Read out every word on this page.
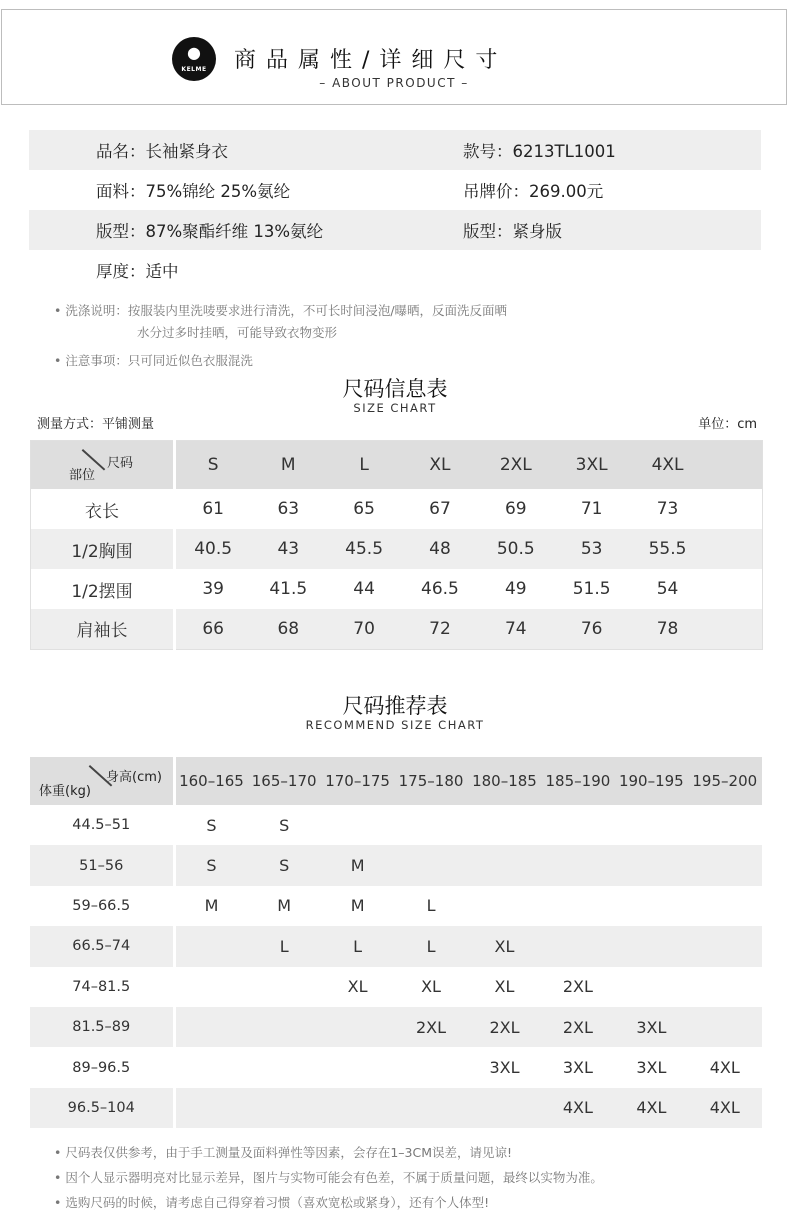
●
KELME	商品属性/详细尺寸
– ABOUT PRODUCT –
品名：长袖紧身衣	款号：6213TL1001
面料：75%锦纶 25%氨纶	吊牌价：269.00元
版型：87%聚酯纤维 13%氨纶	版型：紧身版
厚度：适中
• 洗涤说明：按服装内里洗唛要求进行清洗，不可长时间浸泡/曝晒，反面洗反面晒
水分过多时挂晒，可能导致衣物变形
• 注意事项：只可同近似色衣服混洗
尺码信息表
SIZE CHART
测量方式：平铺测量	单位：cm
尺码
部位	S	M	L	XL	2XL	3XL	4XL	
衣长	61	63	65	67	69	71	73	
1/2胸围	40.5	43	45.5	48	50.5	53	55.5	
1/2摆围	39	41.5	44	46.5	49	51.5	54	
肩袖长	66	68	70	72	74	76	78	
尺码推荐表
RECOMMEND SIZE CHART
身高(cm)
体重(kg)	160–165	165–170	170–175	175–180	180–185	185–190	190–195	195–200
44.5–51	S	S						
51–56	S	S	M					
59–66.5	M	M	M	L				
66.5–74		L	L	L	XL			
74–81.5			XL	XL	XL	2XL		
81.5–89				2XL	2XL	2XL	3XL	
89–96.5					3XL	3XL	3XL	4XL
96.5–104						4XL	4XL	4XL
• 尺码表仅供参考，由于手工测量及面料弹性等因素，会存在1–3CM误差，请见谅!
• 因个人显示器明亮对比显示差异，图片与实物可能会有色差，不属于质量问题，最终以实物为准。
• 选购尺码的时候，请考虑自己得穿着习惯（喜欢宽松或紧身），还有个人体型!
